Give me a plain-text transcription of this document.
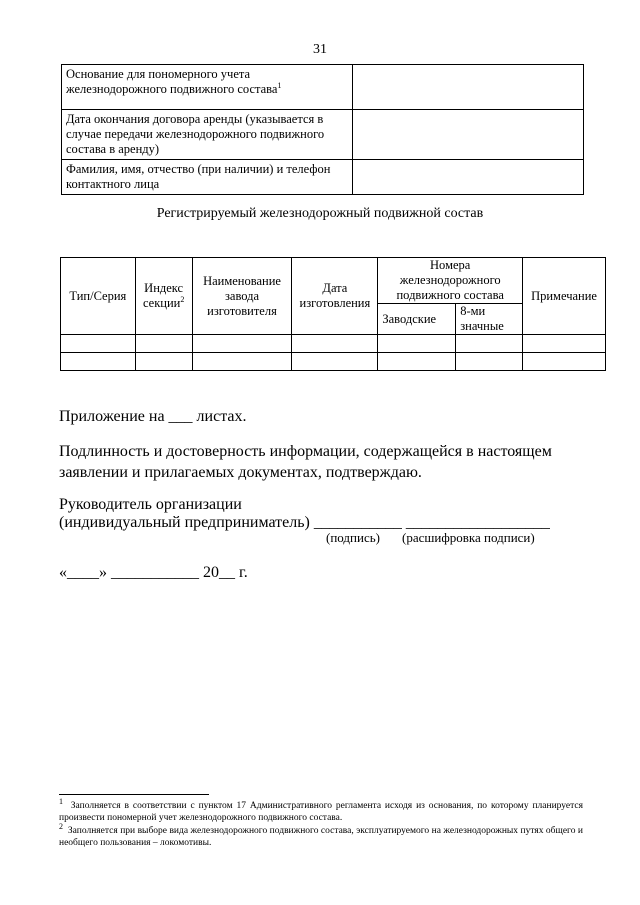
31
Основание для пономерного учета железнодорожного подвижного состава$^1$	
Дата окончания договора аренды (указывается в случае передачи железнодорожного подвижного состава в аренду)	
Фамилия, имя, отчество (при наличии) и телефон контактного лица	
Регистрируемый железнодорожный подвижной состав
Тип/Серия	Индекс секции$^2$	Наименование завода изготовителя	Дата изготовления	Номера железнодорожного подвижного состава		Примечание
				Заводские	8-ми значные	

Приложение на ___ листах.
Подлинность и достоверность информации, содержащейся в настоящем заявлении и прилагаемых документах, подтверждаю.
Руководитель организации
(индивидуальный предприниматель) ___________ __________________
(подпись) (расшифровка подписи)
«____» ___________ 20__ г.
$^1$ Заполняется в соответствии с пунктом 17 Административного регламента исходя из основания, по которому планируется произвести пономерной учет железнодорожного подвижного состава.
$^2$ Заполняется при выборе вида железнодорожного подвижного состава, эксплуатируемого на железнодорожных путях общего и необщего пользования – локомотивы.
